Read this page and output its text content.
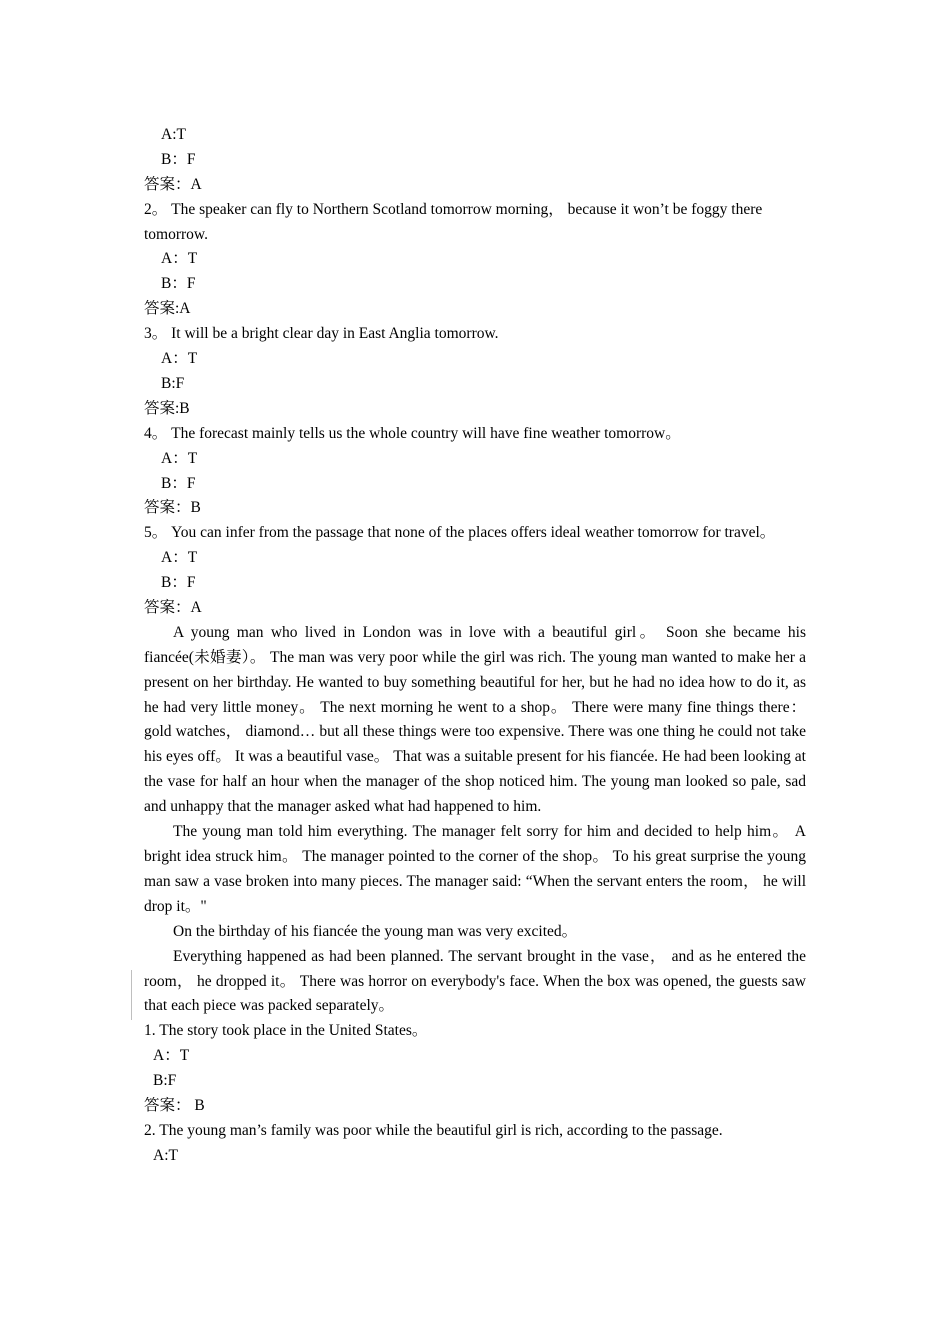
A:T
B：F
答案：A
2。 The speaker can fly to Northern Scotland tomorrow morning， because it won’t be foggy there tomorrow.
A：T
B：F
答案:A
3。 It will be a bright clear day in East Anglia tomorrow.
A：T
B:F
答案:B
4。 The forecast mainly tells us the whole country will have fine weather tomorrow。
A：T
B：F
答案：B
5。 You can infer from the passage that none of the places offers ideal weather tomorrow for travel。
A：T
B：F
答案：A

A young man who lived in London was in love with a beautiful girl。 Soon she became his fiancée(未婚妻）。 The man was very poor while the girl was rich. The young man wanted to make her a present on her birthday. He wanted to buy something beautiful for her, but he had no idea how to do it, as he had very little money。 The next morning he went to a shop。 There were many fine things there： gold watches， diamond… but all these things were too expensive. There was one thing he could not take his eyes off。 It was a beautiful vase。 That was a suitable present for his fiancée. He had been looking at the vase for half an hour when the manager of the shop noticed him. The young man looked so pale, sad and unhappy that the manager asked what had happened to him.

The young man told him everything. The manager felt sorry for him and decided to help him。 A bright idea struck him。 The manager pointed to the corner of the shop。 To his great surprise the young man saw a vase broken into many pieces. The manager said: “When the servant enters the room， he will drop it。"

On the birthday of his fiancée the young man was very excited。

Everything happened as had been planned. The servant brought in the vase， and as he entered the room， he dropped it。 There was horror on everybody's face. When the box was opened, the guests saw that each piece was packed separately。

1. The story took place in the United States。
A：T
B:F
答案： B
2. The young man’s family was poor while the beautiful girl is rich, according to the passage.
A:T
